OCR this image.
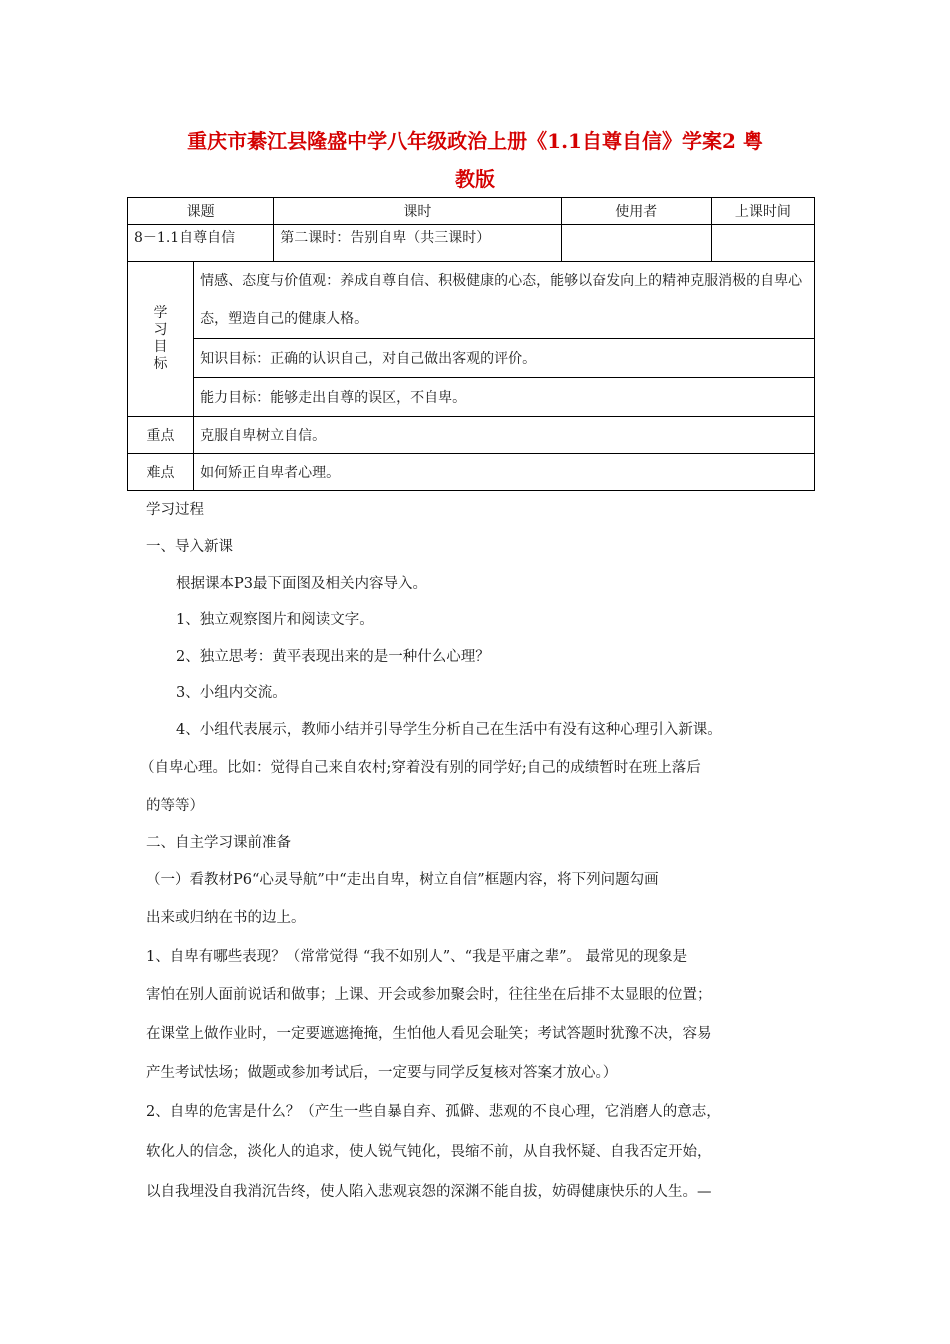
重庆市綦江县隆盛中学八年级政治上册《1.1自尊自信》学案2 粤
教版
课题		课时	使用者	上课时间
8－1.1自尊自信		第二课时：告别自卑（共三课时）		

学
习
目
标	情感、态度与价值观：养成自尊自信、积极健康的心态，能够以奋发向上的精神克服消极的自卑心态，塑造自己的健康人格。			
	知识目标：正确的认识自己，对自己做出客观的评价。			
	能力目标：能够走出自尊的误区，不自卑。			
重点	克服自卑树立自信。			
难点	如何矫正自卑者心理。			
学习过程
一、导入新课
根据课本P3最下面图及相关内容导入。
1、独立观察图片和阅读文字。
2、独立思考：黄平表现出来的是一种什么心理？
3、小组内交流。
4、小组代表展示，教师小结并引导学生分析自己在生活中有没有这种心理引入新课。
（自卑心理。比如：觉得自己来自农村;穿着没有别的同学好;自己的成绩暂时在班上落后
的等等）
二、自主学习课前准备
（一）看教材P6“心灵导航”中“走出自卑，树立自信”框题内容，将下列问题勾画
出来或归纳在书的边上。
1、自卑有哪些表现？（常常觉得 “我不如别人”、“我是平庸之辈”。 最常见的现象是
害怕在别人面前说话和做事；上课、开会或参加聚会时，往往坐在后排不太显眼的位置；
在课堂上做作业时，一定要遮遮掩掩，生怕他人看见会耻笑；考试答题时犹豫不决，容易
产生考试怯场；做题或参加考试后，一定要与同学反复核对答案才放心。）
2、自卑的危害是什么？（产生一些自暴自弃、孤僻、悲观的不良心理，它消磨人的意志，
软化人的信念，淡化人的追求，使人锐气钝化，畏缩不前，从自我怀疑、自我否定开始，
以自我埋没自我消沉告终，使人陷入悲观哀怨的深渊不能自拔，妨碍健康快乐的人生。—
